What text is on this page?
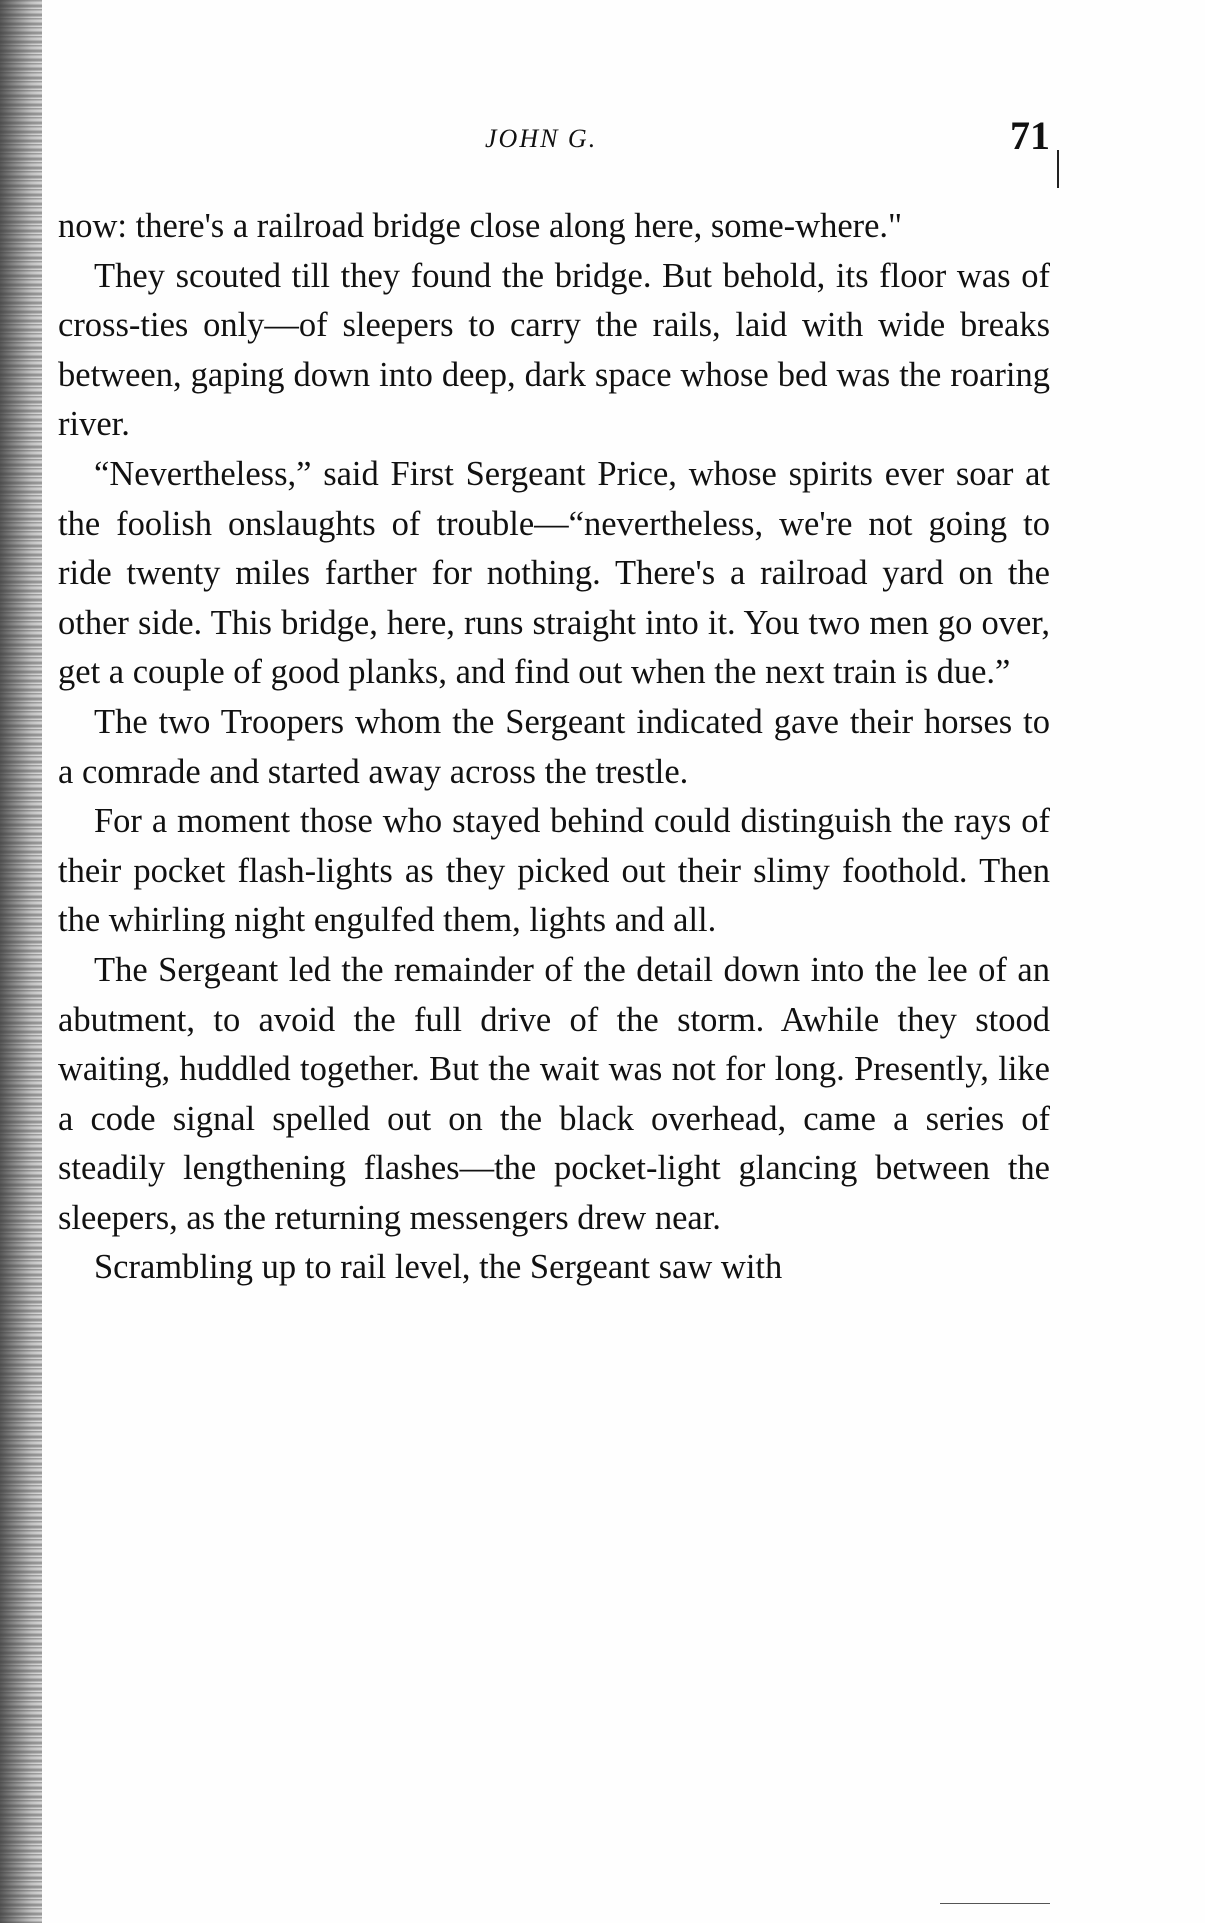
JOHN G.	71

now: there's a railroad bridge close along here, some-where."

They scouted till they found the bridge. But behold, its floor was of cross-ties only—of sleepers to carry the rails, laid with wide breaks between, gaping down into deep, dark space whose bed was the roaring river.

“Nevertheless,” said First Sergeant Price, whose spirits ever soar at the foolish onslaughts of trouble—“nevertheless, we're not going to ride twenty miles farther for nothing. There's a railroad yard on the other side. This bridge, here, runs straight into it. You two men go over, get a couple of good planks, and find out when the next train is due.”

The two Troopers whom the Sergeant indicated gave their horses to a comrade and started away across the trestle.

For a moment those who stayed behind could distinguish the rays of their pocket flash-lights as they picked out their slimy foothold. Then the whirling night engulfed them, lights and all.

The Sergeant led the remainder of the detail down into the lee of an abutment, to avoid the full drive of the storm. Awhile they stood waiting, huddled together. But the wait was not for long. Presently, like a code signal spelled out on the black overhead, came a series of steadily lengthening flashes—the pocket-light glancing between the sleepers, as the returning messengers drew near.

Scrambling up to rail level, the Sergeant saw with
